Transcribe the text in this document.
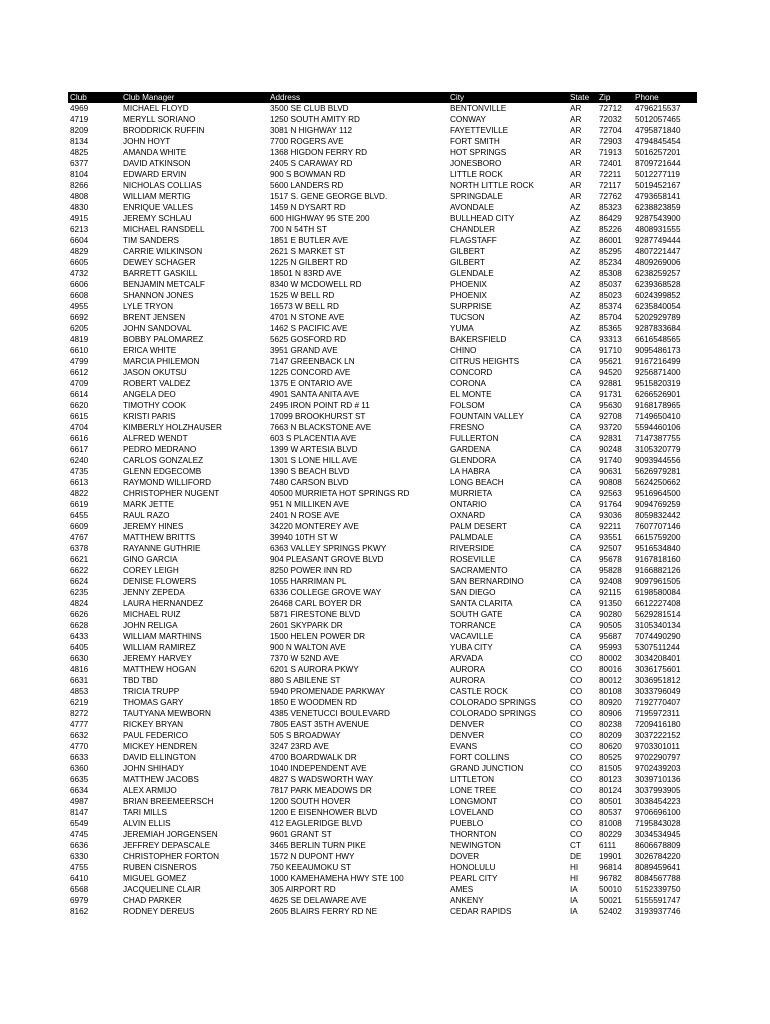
Club	Club Manager	Address	City	State	Zip	Phone
4969	MICHAEL FLOYD	3500 SE CLUB BLVD	BENTONVILLE	AR	72712	4796215537
4719	MERYLL SORIANO	1250 SOUTH AMITY RD	CONWAY	AR	72032	5012057465
8209	BRODDRICK RUFFIN	3081 N HIGHWAY 112	FAYETTEVILLE	AR	72704	4795871840
8134	JOHN HOYT	7700 ROGERS AVE	FORT SMITH	AR	72903	4794845454
4825	AMANDA WHITE	1368 HIGDON FERRY RD	HOT SPRINGS	AR	71913	5016257201
6377	DAVID ATKINSON	2405 S CARAWAY RD	JONESBORO	AR	72401	8709721644
8104	EDWARD ERVIN	900 S BOWMAN RD	LITTLE ROCK	AR	72211	5012277119
8266	NICHOLAS COLLIAS	5600 LANDERS RD	NORTH LITTLE ROCK	AR	72117	5019452167
4808	WILLIAM MERTIG	1517 S. GENE GEORGE BLVD.	SPRINGDALE	AR	72762	4793658141
4830	ENRIQUE VALLES	1459 N DYSART RD	AVONDALE	AZ	85323	6238823859
4915	JEREMY SCHLAU	600 HIGHWAY 95 STE 200	BULLHEAD CITY	AZ	86429	9287543900
6213	MICHAEL RANSDELL	700 N 54TH ST	CHANDLER	AZ	85226	4808931555
6604	TIM SANDERS	1851 E BUTLER AVE	FLAGSTAFF	AZ	86001	9287749444
4829	CARRIE WILKINSON	2621 S MARKET ST	GILBERT	AZ	85295	4807221447
6605	DEWEY SCHAGER	1225 N GILBERT RD	GILBERT	AZ	85234	4809269006
4732	BARRETT GASKILL	18501 N 83RD AVE	GLENDALE	AZ	85308	6238259257
6606	BENJAMIN METCALF	8340 W MCDOWELL RD	PHOENIX	AZ	85037	6239368528
6608	SHANNON JONES	1525 W BELL RD	PHOENIX	AZ	85023	6024399852
4955	LYLE TRYON	16573 W BELL RD	SURPRISE	AZ	85374	6235840054
6692	BRENT JENSEN	4701 N STONE AVE	TUCSON	AZ	85704	5202929789
6205	JOHN SANDOVAL	1462 S PACIFIC AVE	YUMA	AZ	85365	9287833684
4819	BOBBY PALOMAREZ	5625 GOSFORD RD	BAKERSFIELD	CA	93313	6616548565
6610	ERICA WHITE	3951 GRAND AVE	CHINO	CA	91710	9095486173
4799	MARCIA PHILEMON	7147 GREENBACK LN	CITRUS HEIGHTS	CA	95621	9167216499
6612	JASON OKUTSU	1225 CONCORD AVE	CONCORD	CA	94520	9256871400
4709	ROBERT VALDEZ	1375 E ONTARIO AVE	CORONA	CA	92881	9515820319
6614	ANGELA DEO	4901 SANTA ANITA AVE	EL MONTE	CA	91731	6266526901
6620	TIMOTHY COOK	2495 IRON POINT RD # 11	FOLSOM	CA	95630	9168178965
6615	KRISTI PARIS	17099 BROOKHURST ST	FOUNTAIN VALLEY	CA	92708	7149650410
4704	KIMBERLY HOLZHAUSER	7663 N BLACKSTONE AVE	FRESNO	CA	93720	5594460106
6616	ALFRED WENDT	603 S PLACENTIA AVE	FULLERTON	CA	92831	7147387755
6617	PEDRO MEDRANO	1399 W ARTESIA BLVD	GARDENA	CA	90248	3105320779
6240	CARLOS GONZALEZ	1301 S LONE HILL AVE	GLENDORA	CA	91740	9093944556
4735	GLENN EDGECOMB	1390 S BEACH BLVD	LA HABRA	CA	90631	5626979281
6613	RAYMOND WILLIFORD	7480 CARSON BLVD	LONG BEACH	CA	90808	5624250662
4822	CHRISTOPHER NUGENT	40500 MURRIETA HOT SPRINGS RD	MURRIETA	CA	92563	9516964500
6619	MARK JETTE	951 N MILLIKEN AVE	ONTARIO	CA	91764	9094769259
6455	RAUL RAZO	2401 N ROSE AVE	OXNARD	CA	93036	8059832442
6609	JEREMY HINES	34220 MONTEREY AVE	PALM DESERT	CA	92211	7607707146
4767	MATTHEW BRITTS	39940 10TH ST W	PALMDALE	CA	93551	6615759200
6378	RAYANNE GUTHRIE	6363 VALLEY SPRINGS PKWY	RIVERSIDE	CA	92507	9516534840
6621	GINO GARCIA	904 PLEASANT GROVE BLVD	ROSEVILLE	CA	95678	9167818160
6622	COREY LEIGH	8250 POWER INN RD	SACRAMENTO	CA	95828	9166882126
6624	DENISE FLOWERS	1055 HARRIMAN PL	SAN BERNARDINO	CA	92408	9097961505
6235	JENNY ZEPEDA	6336 COLLEGE GROVE WAY	SAN DIEGO	CA	92115	6198580084
4824	LAURA HERNANDEZ	26468 CARL BOYER DR	SANTA CLARITA	CA	91350	6612227408
6626	MICHAEL RUIZ	5871 FIRESTONE BLVD	SOUTH GATE	CA	90280	5629281514
6628	JOHN RELIGA	2601 SKYPARK DR	TORRANCE	CA	90505	3105340134
6433	WILLIAM MARTHINS	1500 HELEN POWER DR	VACAVILLE	CA	95687	7074490290
6405	WILLIAM RAMIREZ	900 N WALTON AVE	YUBA CITY	CA	95993	5307511244
6630	JEREMY HARVEY	7370 W 52ND AVE	ARVADA	CO	80002	3034208401
4816	MATTHEW HOGAN	6201 S AURORA PKWY	AURORA	CO	80016	3036175601
6631	TBD TBD	880 S ABILENE ST	AURORA	CO	80012	3036951812
4853	TRICIA TRUPP	5940 PROMENADE PARKWAY	CASTLE ROCK	CO	80108	3033796049
6219	THOMAS GARY	1850 E WOODMEN RD	COLORADO SPRINGS	CO	80920	7192770407
8272	TAUTYANA MEWBORN	4385 VENETUCCI BOULEVARD	COLORADO SPRINGS	CO	80906	7195972311
4777	RICKEY BRYAN	7805 EAST 35TH AVENUE	DENVER	CO	80238	7209416180
6632	PAUL FEDERICO	505 S BROADWAY	DENVER	CO	80209	3037222152
4770	MICKEY HENDREN	3247 23RD AVE	EVANS	CO	80620	9703301011
6633	DAVID ELLINGTON	4700 BOARDWALK DR	FORT COLLINS	CO	80525	9702290797
6360	JOHN SHIHADY	1040 INDEPENDENT AVE	GRAND JUNCTION	CO	81505	9702439203
6635	MATTHEW JACOBS	4827 S WADSWORTH WAY	LITTLETON	CO	80123	3039710136
6634	ALEX ARMIJO	7817 PARK MEADOWS DR	LONE TREE	CO	80124	3037993905
4987	BRIAN BREEMEERSCH	1200 SOUTH HOVER	LONGMONT	CO	80501	3038454223
8147	TARI MILLS	1200 E EISENHOWER BLVD	LOVELAND	CO	80537	9706696100
6549	ALVIN ELLIS	412 EAGLERIDGE BLVD	PUEBLO	CO	81008	7195843028
4745	JEREMIAH JORGENSEN	9601 GRANT ST	THORNTON	CO	80229	3034534945
6636	JEFFREY DEPASCALE	3465 BERLIN TURN PIKE	NEWINGTON	CT	6111	8606678809
6330	CHRISTOPHER FORTON	1572 N DUPONT HWY	DOVER	DE	19901	3026784220
4755	RUBEN CISNEROS	750 KEEAUMOKU ST	HONOLULU	HI	96814	8089459641
6410	MIGUEL GOMEZ	1000 KAMEHAMEHA HWY STE 100	PEARL CITY	HI	96782	8084567788
6568	JACQUELINE CLAIR	305 AIRPORT RD	AMES	IA	50010	5152339750
6979	CHAD PARKER	4625 SE DELAWARE AVE	ANKENY	IA	50021	5155591747
8162	RODNEY DEREUS	2605 BLAIRS FERRY RD NE	CEDAR RAPIDS	IA	52402	3193937746
